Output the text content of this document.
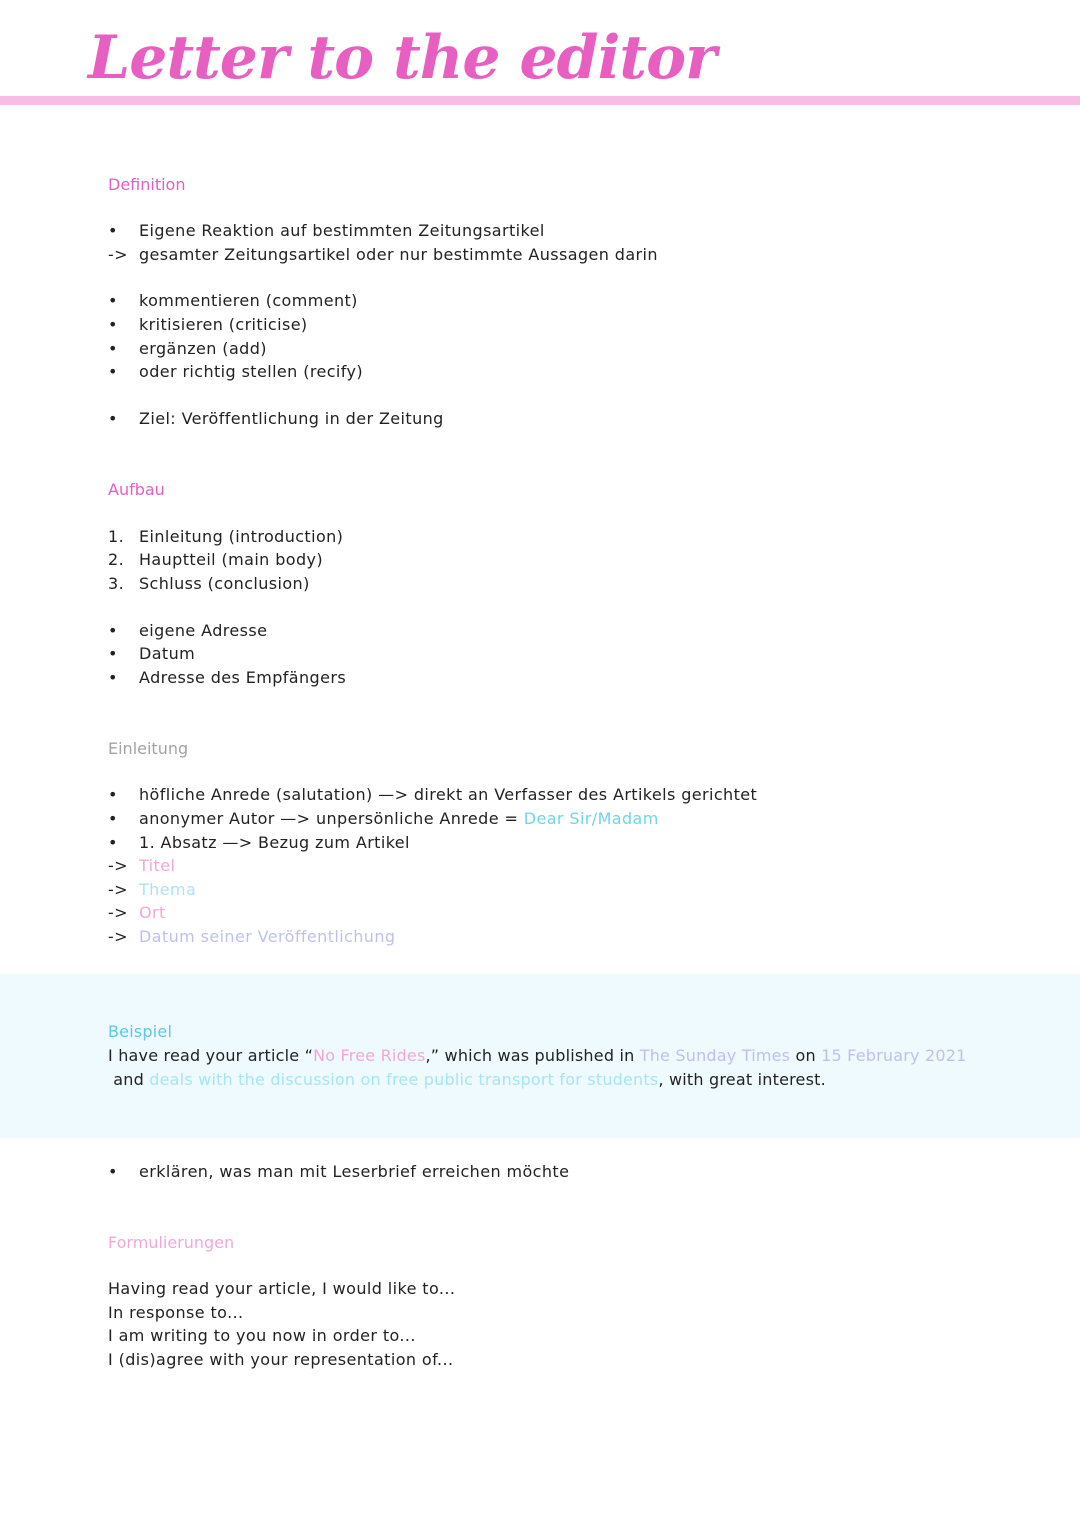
Letter to the editor
Definition
• Eigene Reaktion auf bestimmten Zeitungsartikel
-> gesamter Zeitungsartikel oder nur bestimmte Aussagen darin
• kommentieren (comment)
• kritisieren (criticise)
• ergänzen (add)
• oder richtig stellen (recify)
• Ziel: Veröffentlichung in der Zeitung
Aufbau
1. Einleitung (introduction)
2. Hauptteil (main body)
3. Schluss (conclusion)
• eigene Adresse
• Datum
• Adresse des Empfängers
Einleitung
• höfliche Anrede (salutation) —> direkt an Verfasser des Artikels gerichtet
• anonymer Autor —> unpersönliche Anrede = Dear Sir/Madam
• 1. Absatz —> Bezug zum Artikel
-> Titel
-> Thema
-> Ort
-> Datum seiner Veröffentlichung
Beispiel
I have read your article “No Free Rides,” which was published in The Sunday Times on 15 February 2021 and deals with the discussion on free public transport for students, with great interest.
• erklären, was man mit Leserbrief erreichen möchte
Formulierungen
Having read your article, I would like to...
In response to...
I am writing to you now in order to...
I (dis)agree with your representation of...
